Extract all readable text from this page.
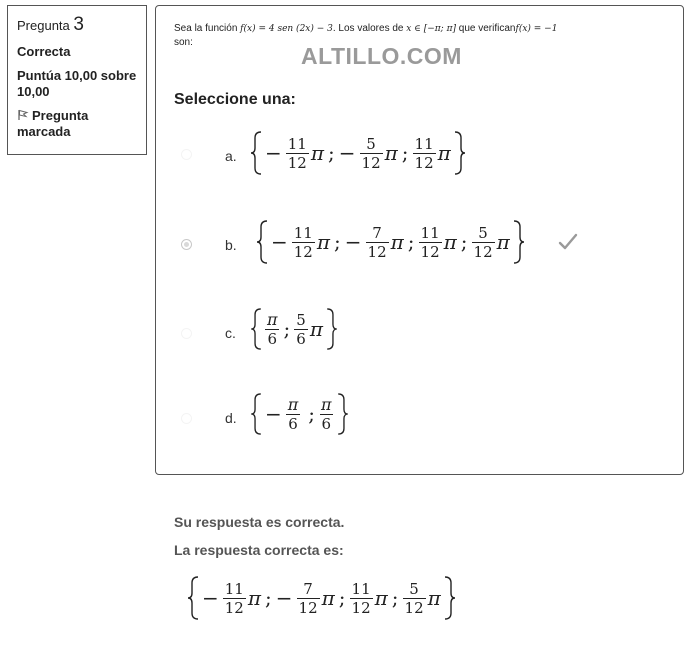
Pregunta 3
Correcta
Puntúa 10,00 sobre 10,00
Pregunta marcada
Sea la función f(x) = 4 sen (2x) − 3. Los valores de x ∈ [−π; π] que verificanf(x) = −1
son:
ALTILLO.COM
Seleccione una:
a. − $\frac{11}{12}$ π ; − $\frac{5}{12}$ π ; $\frac{11}{12}$ π
b. − $\frac{11}{12}$ π ; − $\frac{7}{12}$ π ; $\frac{11}{12}$ π ; $\frac{5}{12}$ π
c. $\frac{\pi}{6}$ ; $\frac{5}{6}$ π
d. − $\frac{\pi}{6}$ ; $\frac{\pi}{6}$
Su respuesta es correcta.
La respuesta correcta es:
− $\frac{11}{12}$ π ; − $\frac{7}{12}$ π ; $\frac{11}{12}$ π ; $\frac{5}{12}$ π
